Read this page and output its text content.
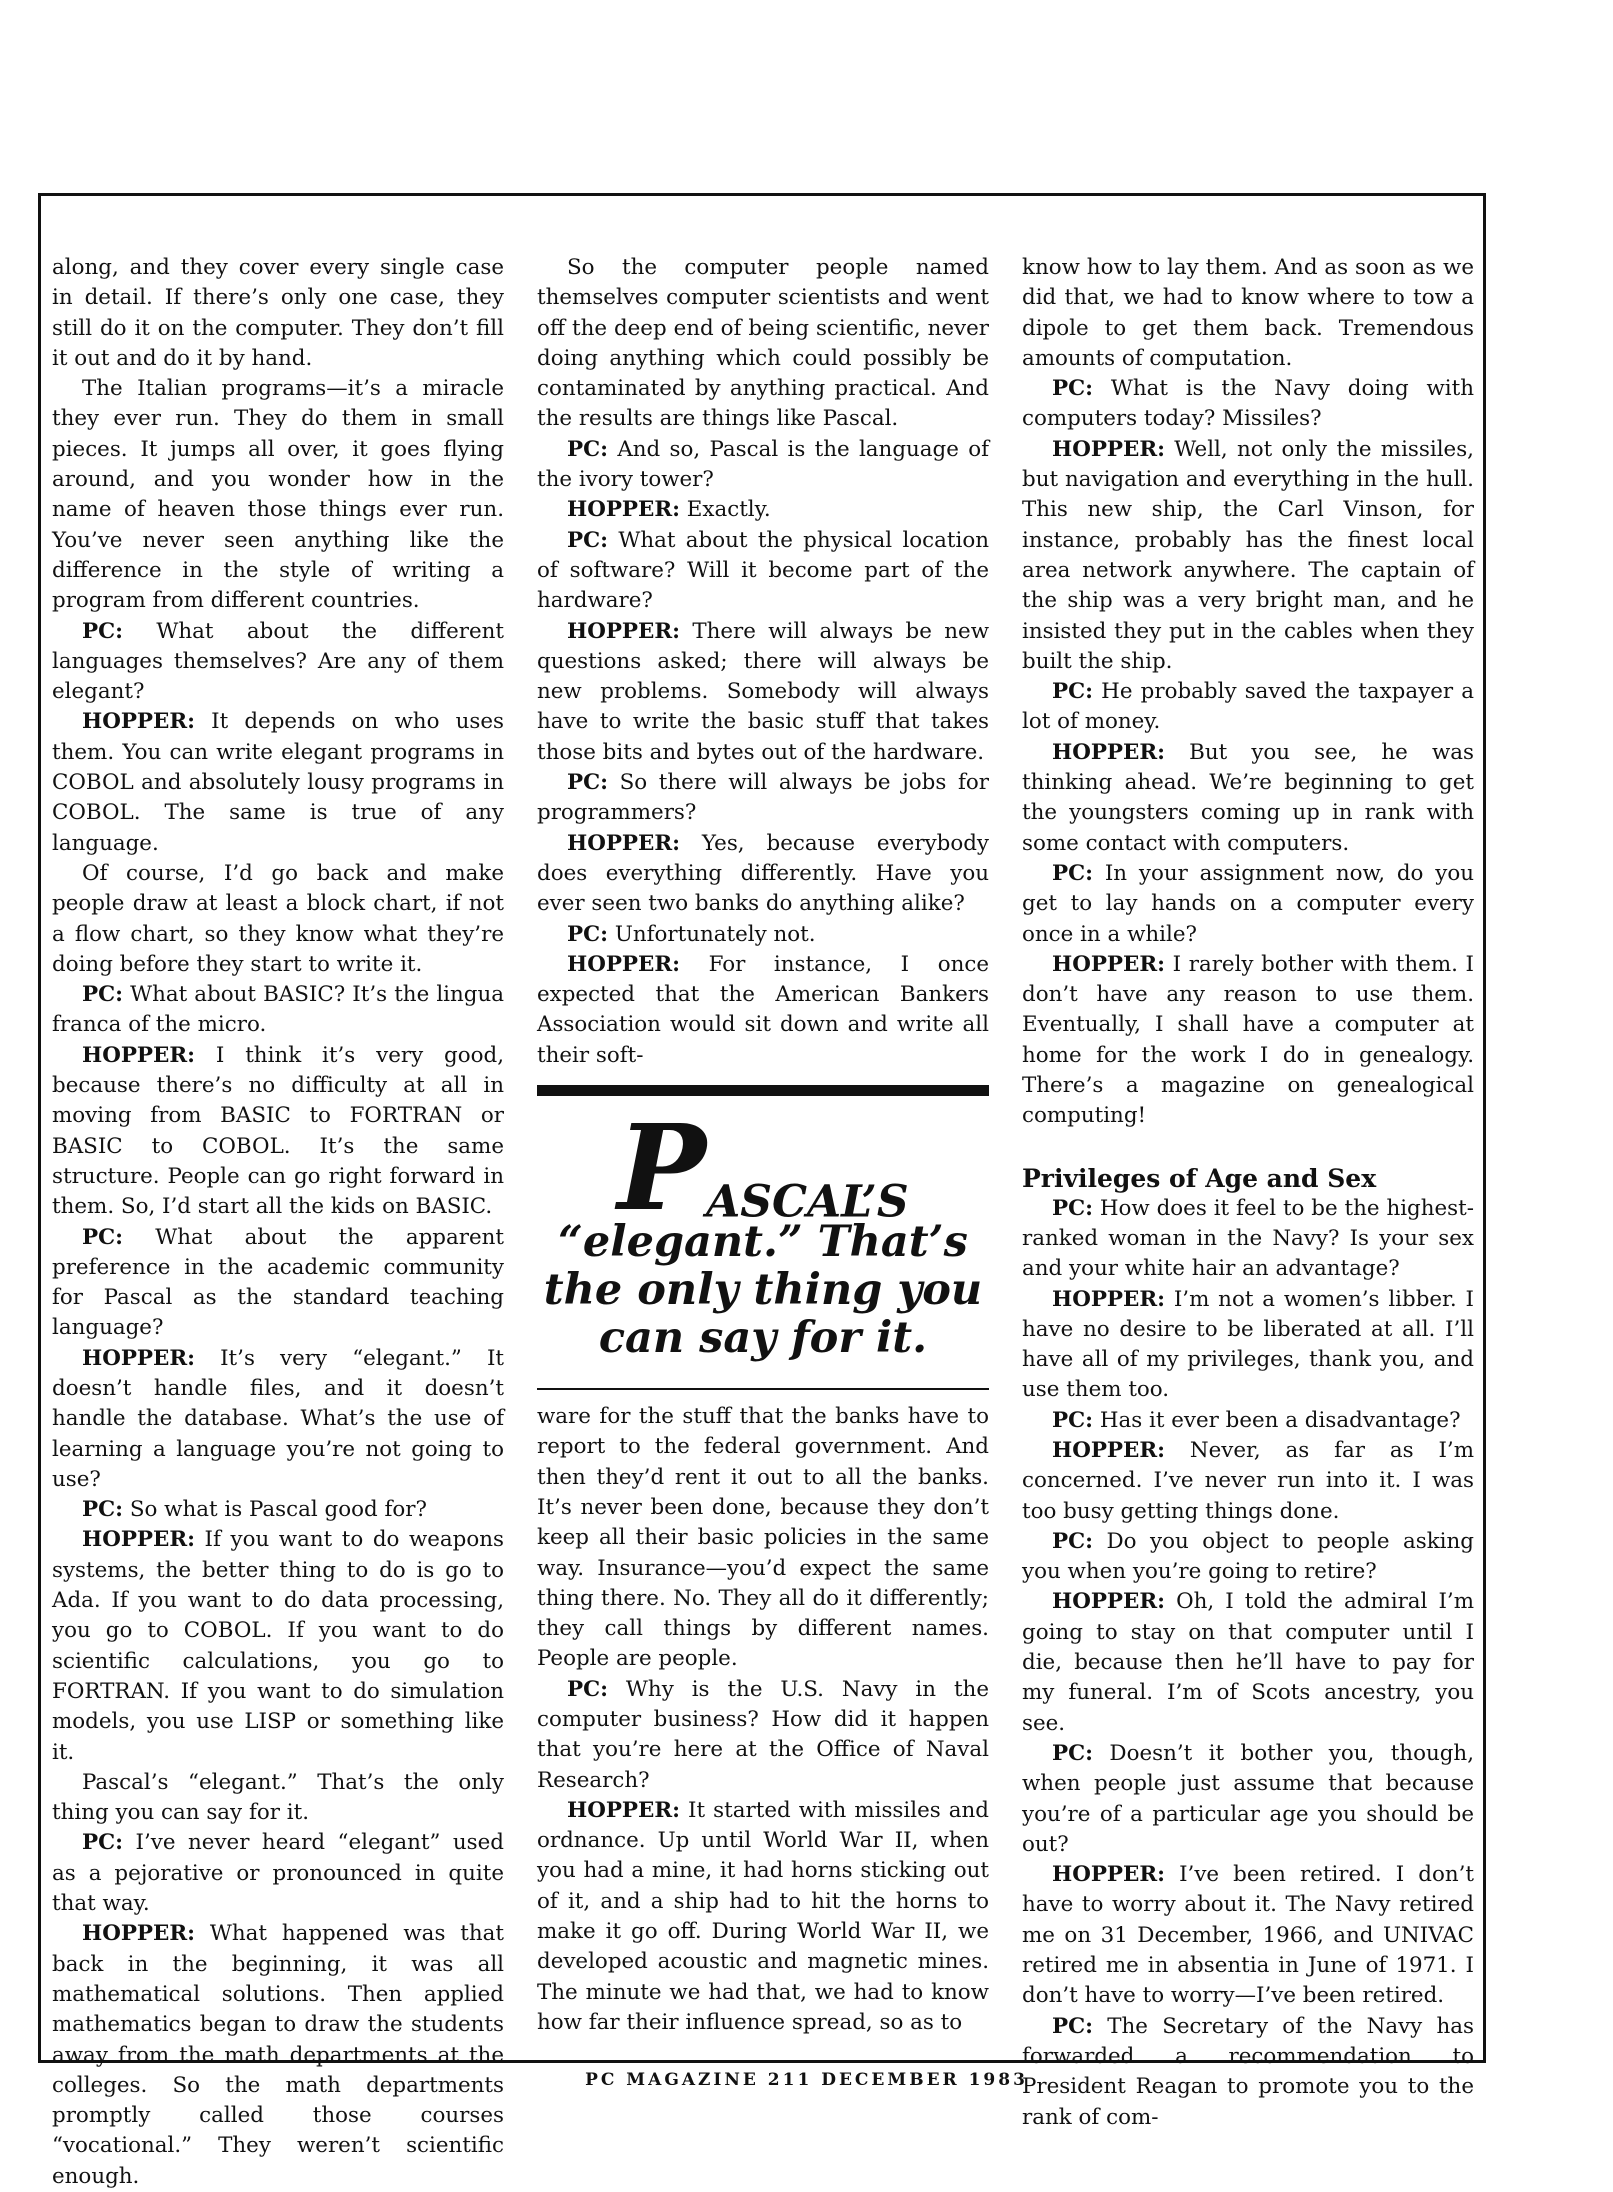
along, and they cover every single case in detail. If there’s only one case, they still do it on the computer. They don’t fill it out and do it by hand.

The Italian programs—it’s a miracle they ever run. They do them in small pieces. It jumps all over, it goes flying around, and you wonder how in the name of heaven those things ever run. You’ve never seen anything like the difference in the style of writing a program from different countries.

PC: What about the different languages themselves? Are any of them elegant?

HOPPER: It depends on who uses them. You can write elegant programs in COBOL and absolutely lousy programs in COBOL. The same is true of any language.

Of course, I’d go back and make people draw at least a block chart, if not a flow chart, so they know what they’re doing before they start to write it.

PC: What about BASIC? It’s the lingua franca of the micro.

HOPPER: I think it’s very good, because there’s no difficulty at all in moving from BASIC to FORTRAN or BASIC to COBOL. It’s the same structure. People can go right forward in them. So, I’d start all the kids on BASIC.

PC: What about the apparent preference in the academic community for Pascal as the standard teaching language?

HOPPER: It’s very “elegant.” It doesn’t handle files, and it doesn’t handle the database. What’s the use of learning a language you’re not going to use?

PC: So what is Pascal good for?

HOPPER: If you want to do weapons systems, the better thing to do is go to Ada. If you want to do data processing, you go to COBOL. If you want to do scientific calculations, you go to FORTRAN. If you want to do simulation models, you use LISP or something like it.

Pascal’s “elegant.” That’s the only thing you can say for it.

PC: I’ve never heard “elegant” used as a pejorative or pronounced in quite that way.

HOPPER: What happened was that back in the beginning, it was all mathematical solutions. Then applied mathematics began to draw the students away from the math departments at the colleges. So the math departments promptly called those courses “vocational.” They weren’t scientific enough.

So the computer people named themselves computer scientists and went off the deep end of being scientific, never doing anything which could possibly be contaminated by anything practical. And the results are things like Pascal.

PC: And so, Pascal is the language of the ivory tower?

HOPPER: Exactly.

PC: What about the physical location of software? Will it become part of the hardware?

HOPPER: There will always be new questions asked; there will always be new problems. Somebody will always have to write the basic stuff that takes those bits and bytes out of the hardware.

PC: So there will always be jobs for programmers?

HOPPER: Yes, because everybody does everything differently. Have you ever seen two banks do anything alike?

PC: Unfortunately not.

HOPPER: For instance, I once expected that the American Bankers Association would sit down and write all their soft-

PASCAL’S
“elegant.” That’s the only thing you can say for it.

ware for the stuff that the banks have to report to the federal government. And then they’d rent it out to all the banks. It’s never been done, because they don’t keep all their basic policies in the same way. Insurance—you’d expect the same thing there. No. They all do it differently; they call things by different names. People are people.

PC: Why is the U.S. Navy in the computer business? How did it happen that you’re here at the Office of Naval Research?

HOPPER: It started with missiles and ordnance. Up until World War II, when you had a mine, it had horns sticking out of it, and a ship had to hit the horns to make it go off. During World War II, we developed acoustic and magnetic mines. The minute we had that, we had to know how far their influence spread, so as to

know how to lay them. And as soon as we did that, we had to know where to tow a dipole to get them back. Tremendous amounts of computation.

PC: What is the Navy doing with computers today? Missiles?

HOPPER: Well, not only the missiles, but navigation and everything in the hull. This new ship, the Carl Vinson, for instance, probably has the finest local area network anywhere. The captain of the ship was a very bright man, and he insisted they put in the cables when they built the ship.

PC: He probably saved the taxpayer a lot of money.

HOPPER: But you see, he was thinking ahead. We’re beginning to get the youngsters coming up in rank with some contact with computers.

PC: In your assignment now, do you get to lay hands on a computer every once in a while?

HOPPER: I rarely bother with them. I don’t have any reason to use them. Eventually, I shall have a computer at home for the work I do in genealogy. There’s a magazine on genealogical computing!

Privileges of Age and Sex

PC: How does it feel to be the highest-ranked woman in the Navy? Is your sex and your white hair an advantage?

HOPPER: I’m not a women’s libber. I have no desire to be liberated at all. I’ll have all of my privileges, thank you, and use them too.

PC: Has it ever been a disadvantage?

HOPPER: Never, as far as I’m concerned. I’ve never run into it. I was too busy getting things done.

PC: Do you object to people asking you when you’re going to retire?

HOPPER: Oh, I told the admiral I’m going to stay on that computer until I die, because then he’ll have to pay for my funeral. I’m of Scots ancestry, you see.

PC: Doesn’t it bother you, though, when people just assume that because you’re of a particular age you should be out?

HOPPER: I’ve been retired. I don’t have to worry about it. The Navy retired me on 31 December, 1966, and UNIVAC retired me in absentia in June of 1971. I don’t have to worry—I’ve been retired.

PC: The Secretary of the Navy has forwarded a recommendation to President Reagan to promote you to the rank of com-

PC MAGAZINE 211 DECEMBER 1983
